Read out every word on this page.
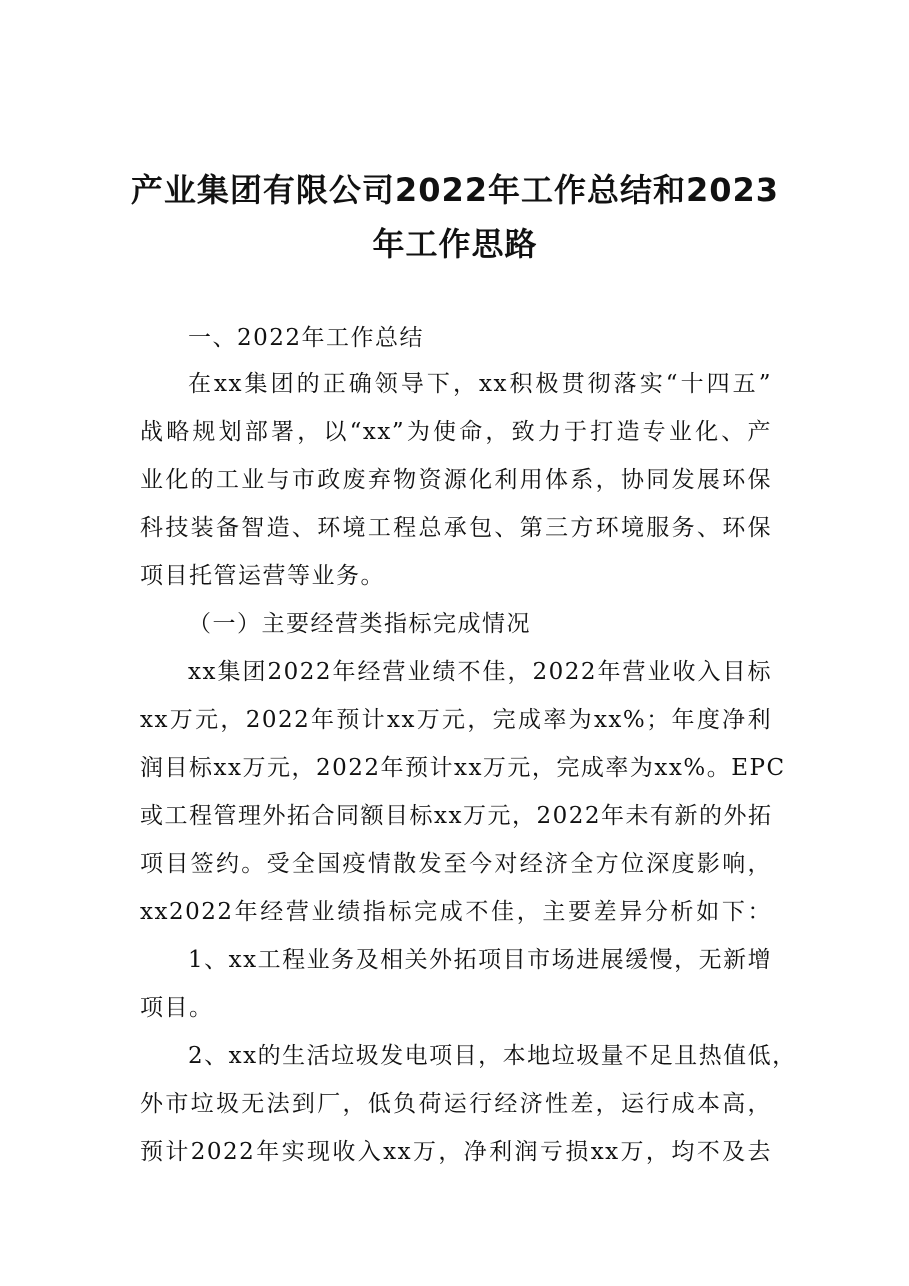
产业集团有限公司2022年工作总结和2023
年工作思路
一、2022年工作总结
在xx集团的正确领导下，xx积极贯彻落实“十四五”
战略规划部署，以“xx”为使命，致力于打造专业化、产
业化的工业与市政废弃物资源化利用体系，协同发展环保
科技装备智造、环境工程总承包、第三方环境服务、环保
项目托管运营等业务。
（一）主要经营类指标完成情况
xx集团2022年经营业绩不佳，2022年营业收入目标
xx万元，2022年预计xx万元，完成率为xx%；年度净利
润目标xx万元，2022年预计xx万元，完成率为xx%。EPC
或工程管理外拓合同额目标xx万元，2022年未有新的外拓
项目签约。受全国疫情散发至今对经济全方位深度影响，
xx2022年经营业绩指标完成不佳，主要差异分析如下：
1、xx工程业务及相关外拓项目市场进展缓慢，无新增
项目。
2、xx的生活垃圾发电项目，本地垃圾量不足且热值低，
外市垃圾无法到厂，低负荷运行经济性差，运行成本高，
预计2022年实现收入xx万，净利润亏损xx万，均不及去
